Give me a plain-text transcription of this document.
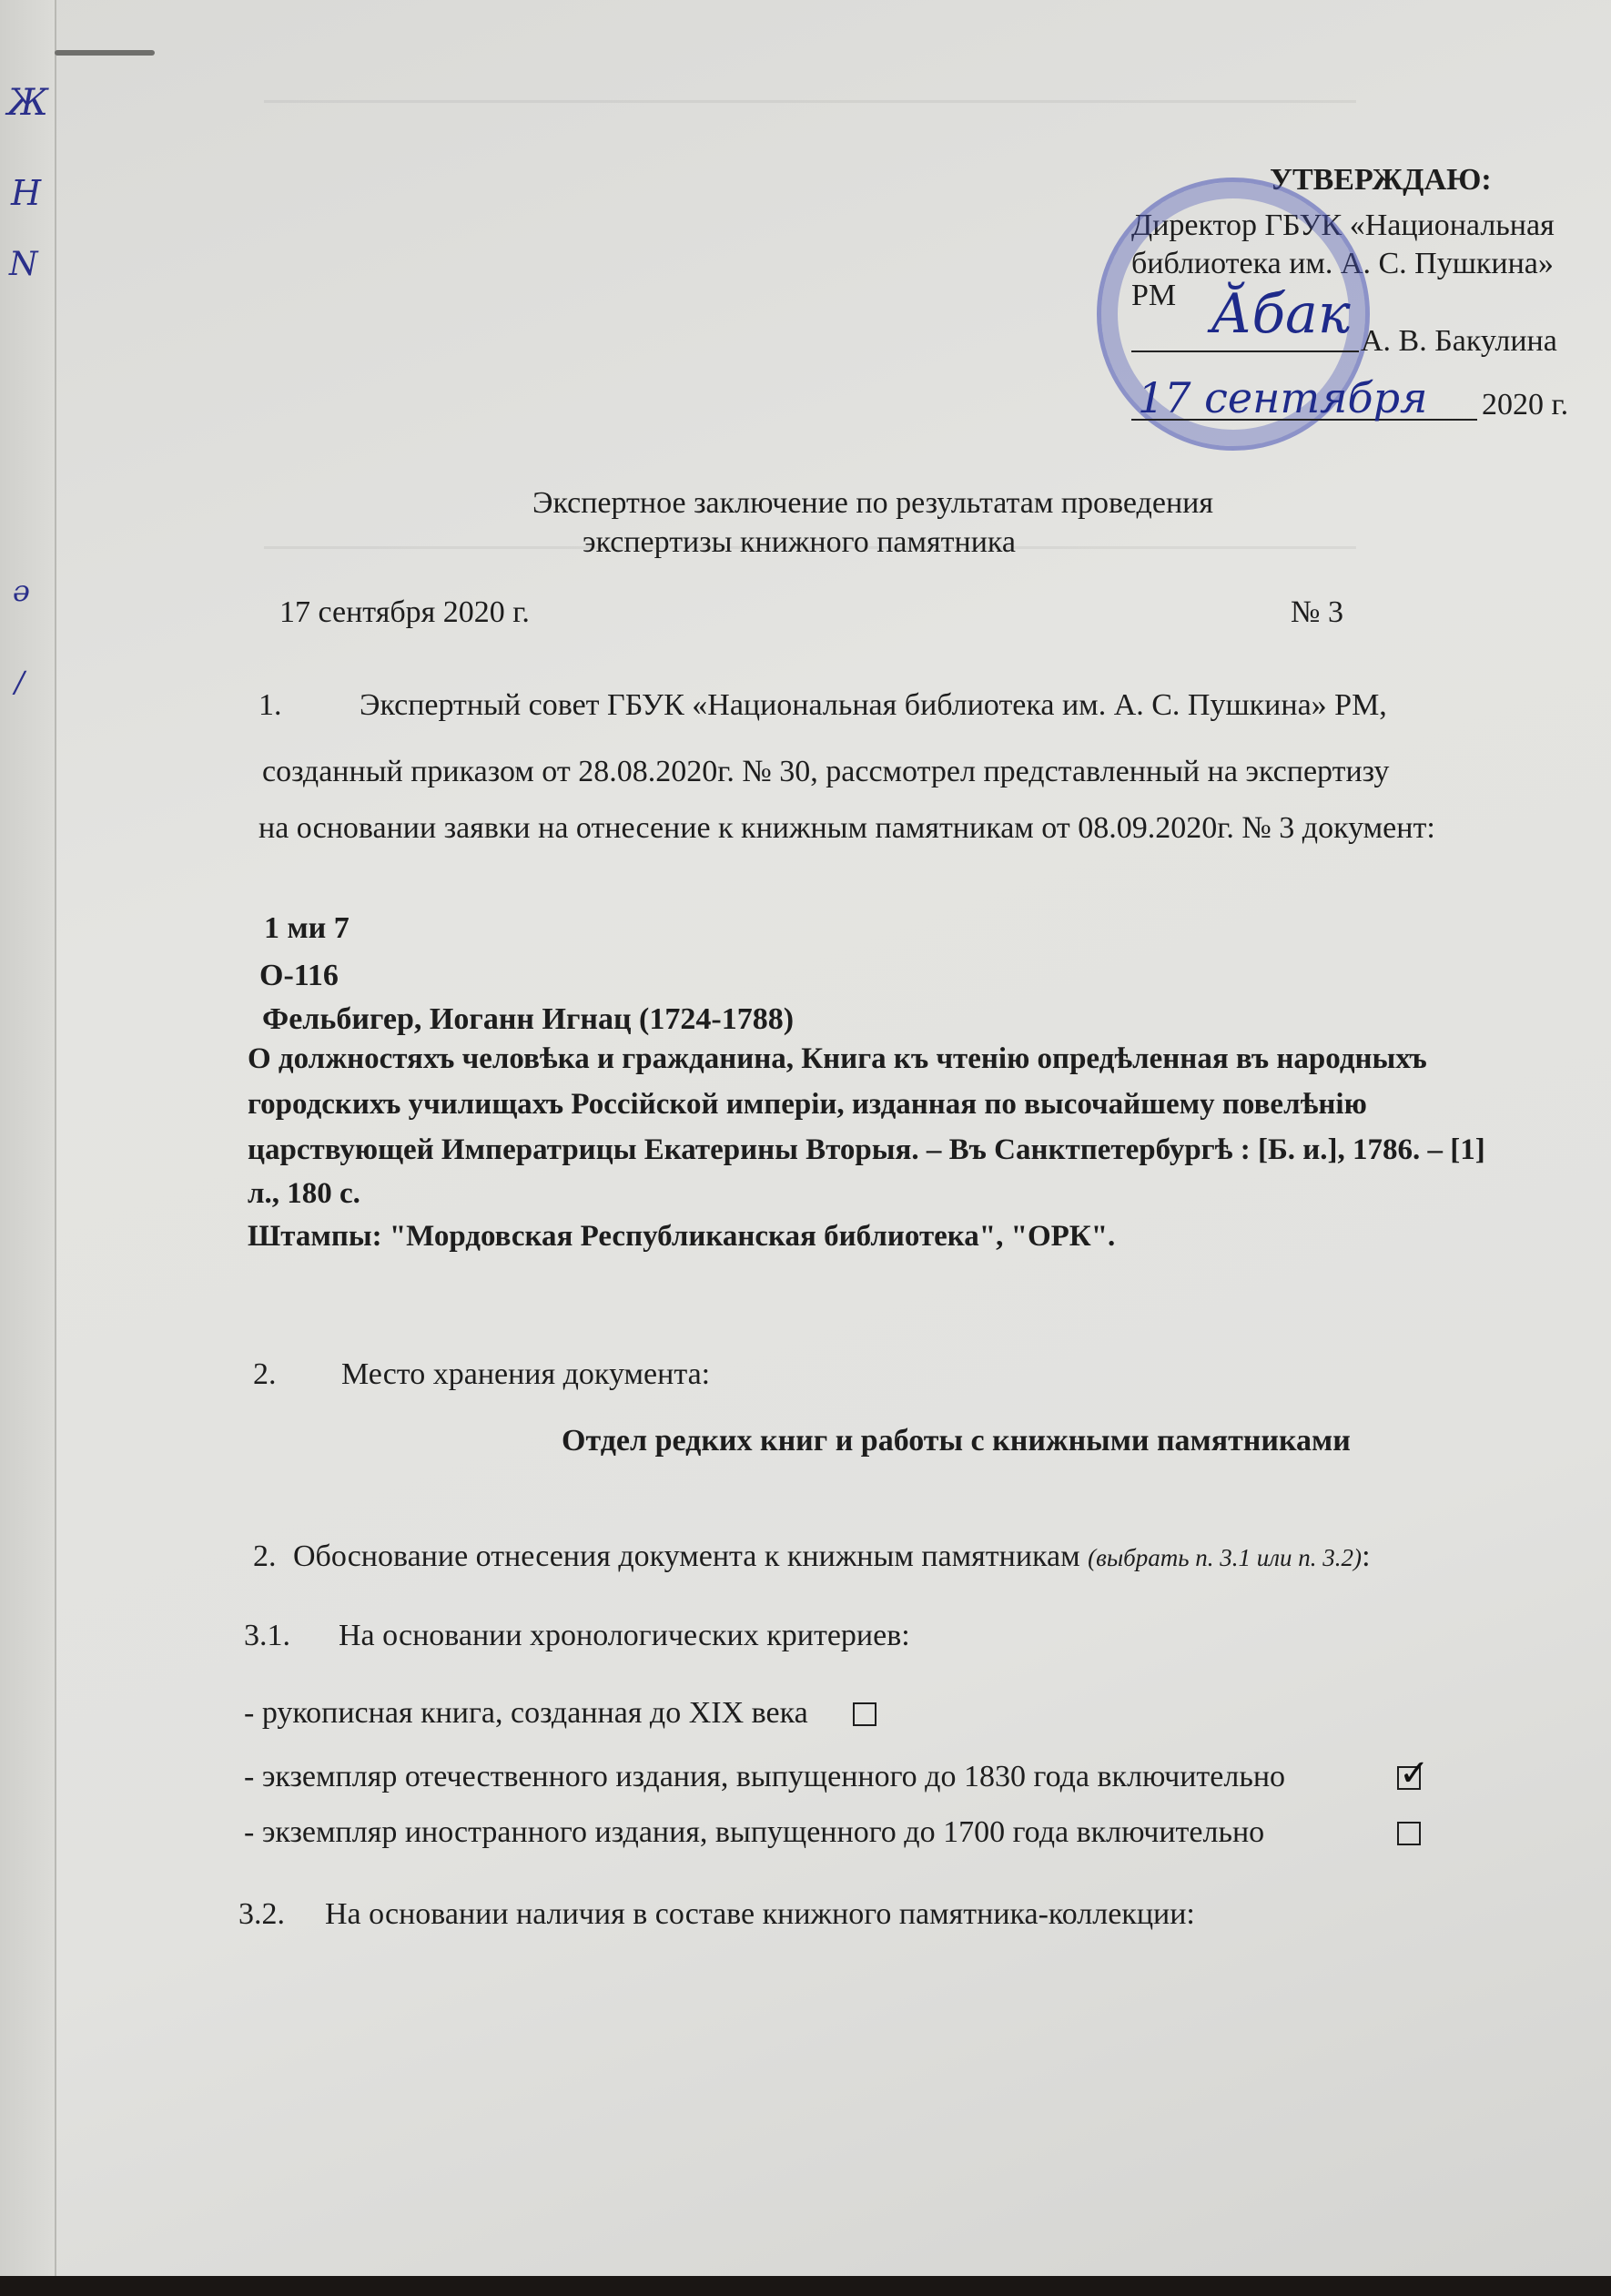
Ж
Н
N
ә
/
УТВЕРЖДАЮ:
Директор ГБУК «Национальная
библиотека им. А. С. Пушкина»
РМ Ӑбак А. В. Бакулина
17 сентября 2020 г.
Экспертное заключение по результатам проведения
экспертизы книжного памятника
17 сентября 2020 г.	№ 3
1.	Экспертный совет ГБУК «Национальная библиотека им. А. С. Пушкина» РМ,
созданный приказом от 28.08.2020г. № 30, рассмотрел представленный на экспертизу
на основании заявки на отнесение к книжным памятникам от 08.09.2020г. № 3 документ:
1 ми 7
О-116
Фельбигер, Иоганн Игнац (1724-1788)
О должностяхъ человѣка и гражданина, Книга къ чтенію опредѣленная въ народныхъ
городскихъ училищахъ Россійской имперіи, изданная по высочайшему повелѣнію
царствующей Императрицы Екатерины Вторыя. – Въ Санктпетербургѣ : [Б. и.], 1786. – [1]
л., 180 с.
Штампы: "Мордовская Республиканская библиотека", "ОРК".
2. Место хранения документа:
Отдел редких книг и работы с книжными памятниками
2. Обоснование отнесения документа к книжным памятникам (выбрать п. 3.1 или п. 3.2):
3.1. На основании хронологических критериев:
- рукописная книга, созданная до XIX века
- экземпляр отечественного издания, выпущенного до 1830 года включительно	✓
- экземпляр иностранного издания, выпущенного до 1700 года включительно
3.2. На основании наличия в составе книжного памятника-коллекции:
